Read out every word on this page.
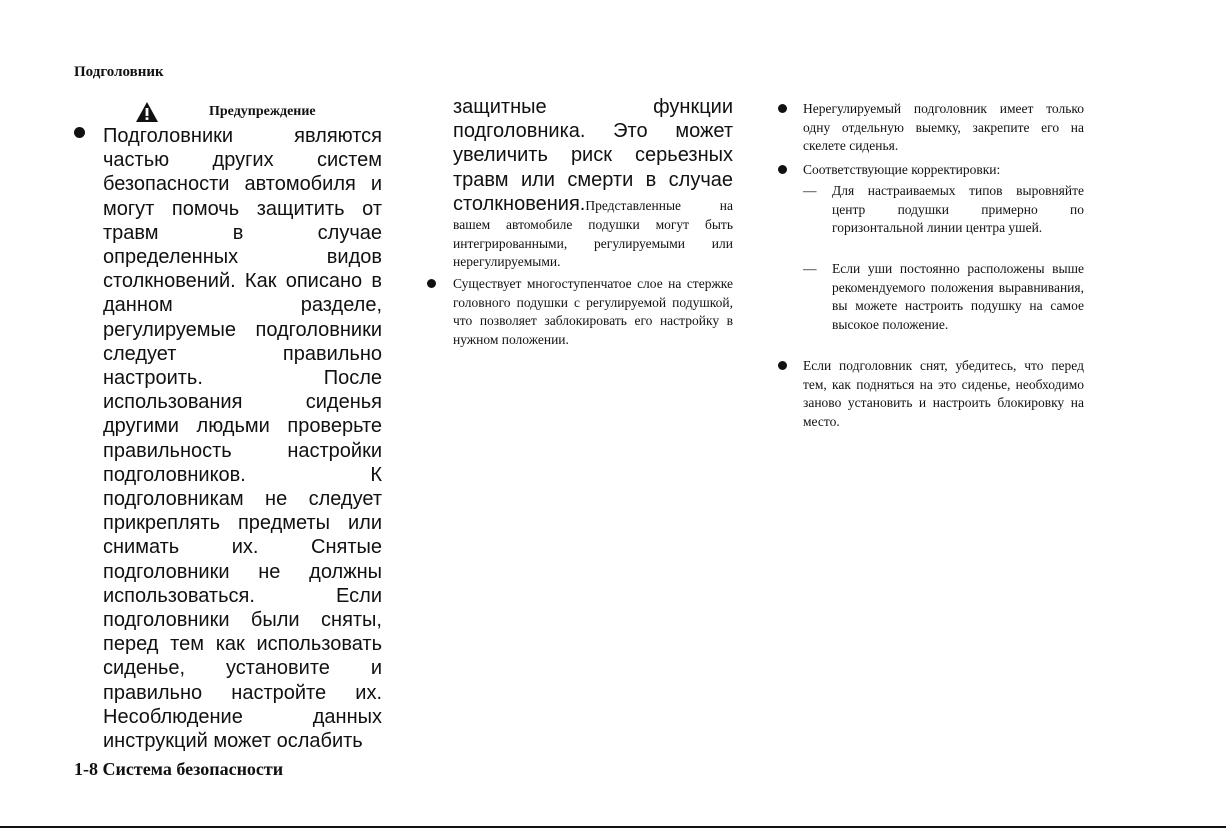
Подголовник
Предупреждение
Подголовники являются частью других систем безопасности автомобиля и могут помочь защитить от травм в случае определенных видов столкновений. Как описано в данном разделе, регулируемые подголовники следует правильно настроить. После использования сиденья другими людьми проверьте правильность настройки подголовников. К подголовникам не следует прикреплять предметы или снимать их. Снятые подголовники не должны использоваться. Если подголовники были сняты, перед тем как использовать сиденье, установите и правильно настройте их. Несоблюдение данных инструкций может ослабить
защитные функции подголовника. Это может увеличить риск серьезных травм или смерти в случае столкновения.Представленные на вашем автомобиле подушки могут быть интегрированными, регулируемыми или нерегулируемыми.
Существует многоступенчатое слое на стержке головного подушки с регулируемой подушкой, что позволяет заблокировать его настройку в нужном положении.
Нерегулируемый подголовник имеет только одну отдельную выемку, закрепите его на скелете сиденья.
Соответствующие корректировки:
—	Для настраиваемых типов выровняйте центр подушки примерно по горизонтальной линии центра ушей.
—	Если уши постоянно расположены выше рекомендуемого положения выравнивания, вы можете настроить подушку на самое высокое положение.
Если подголовник снят, убедитесь, что перед тем, как подняться на это сиденье, необходимо заново установить и настроить блокировку на место.
1-8 Система безопасности
